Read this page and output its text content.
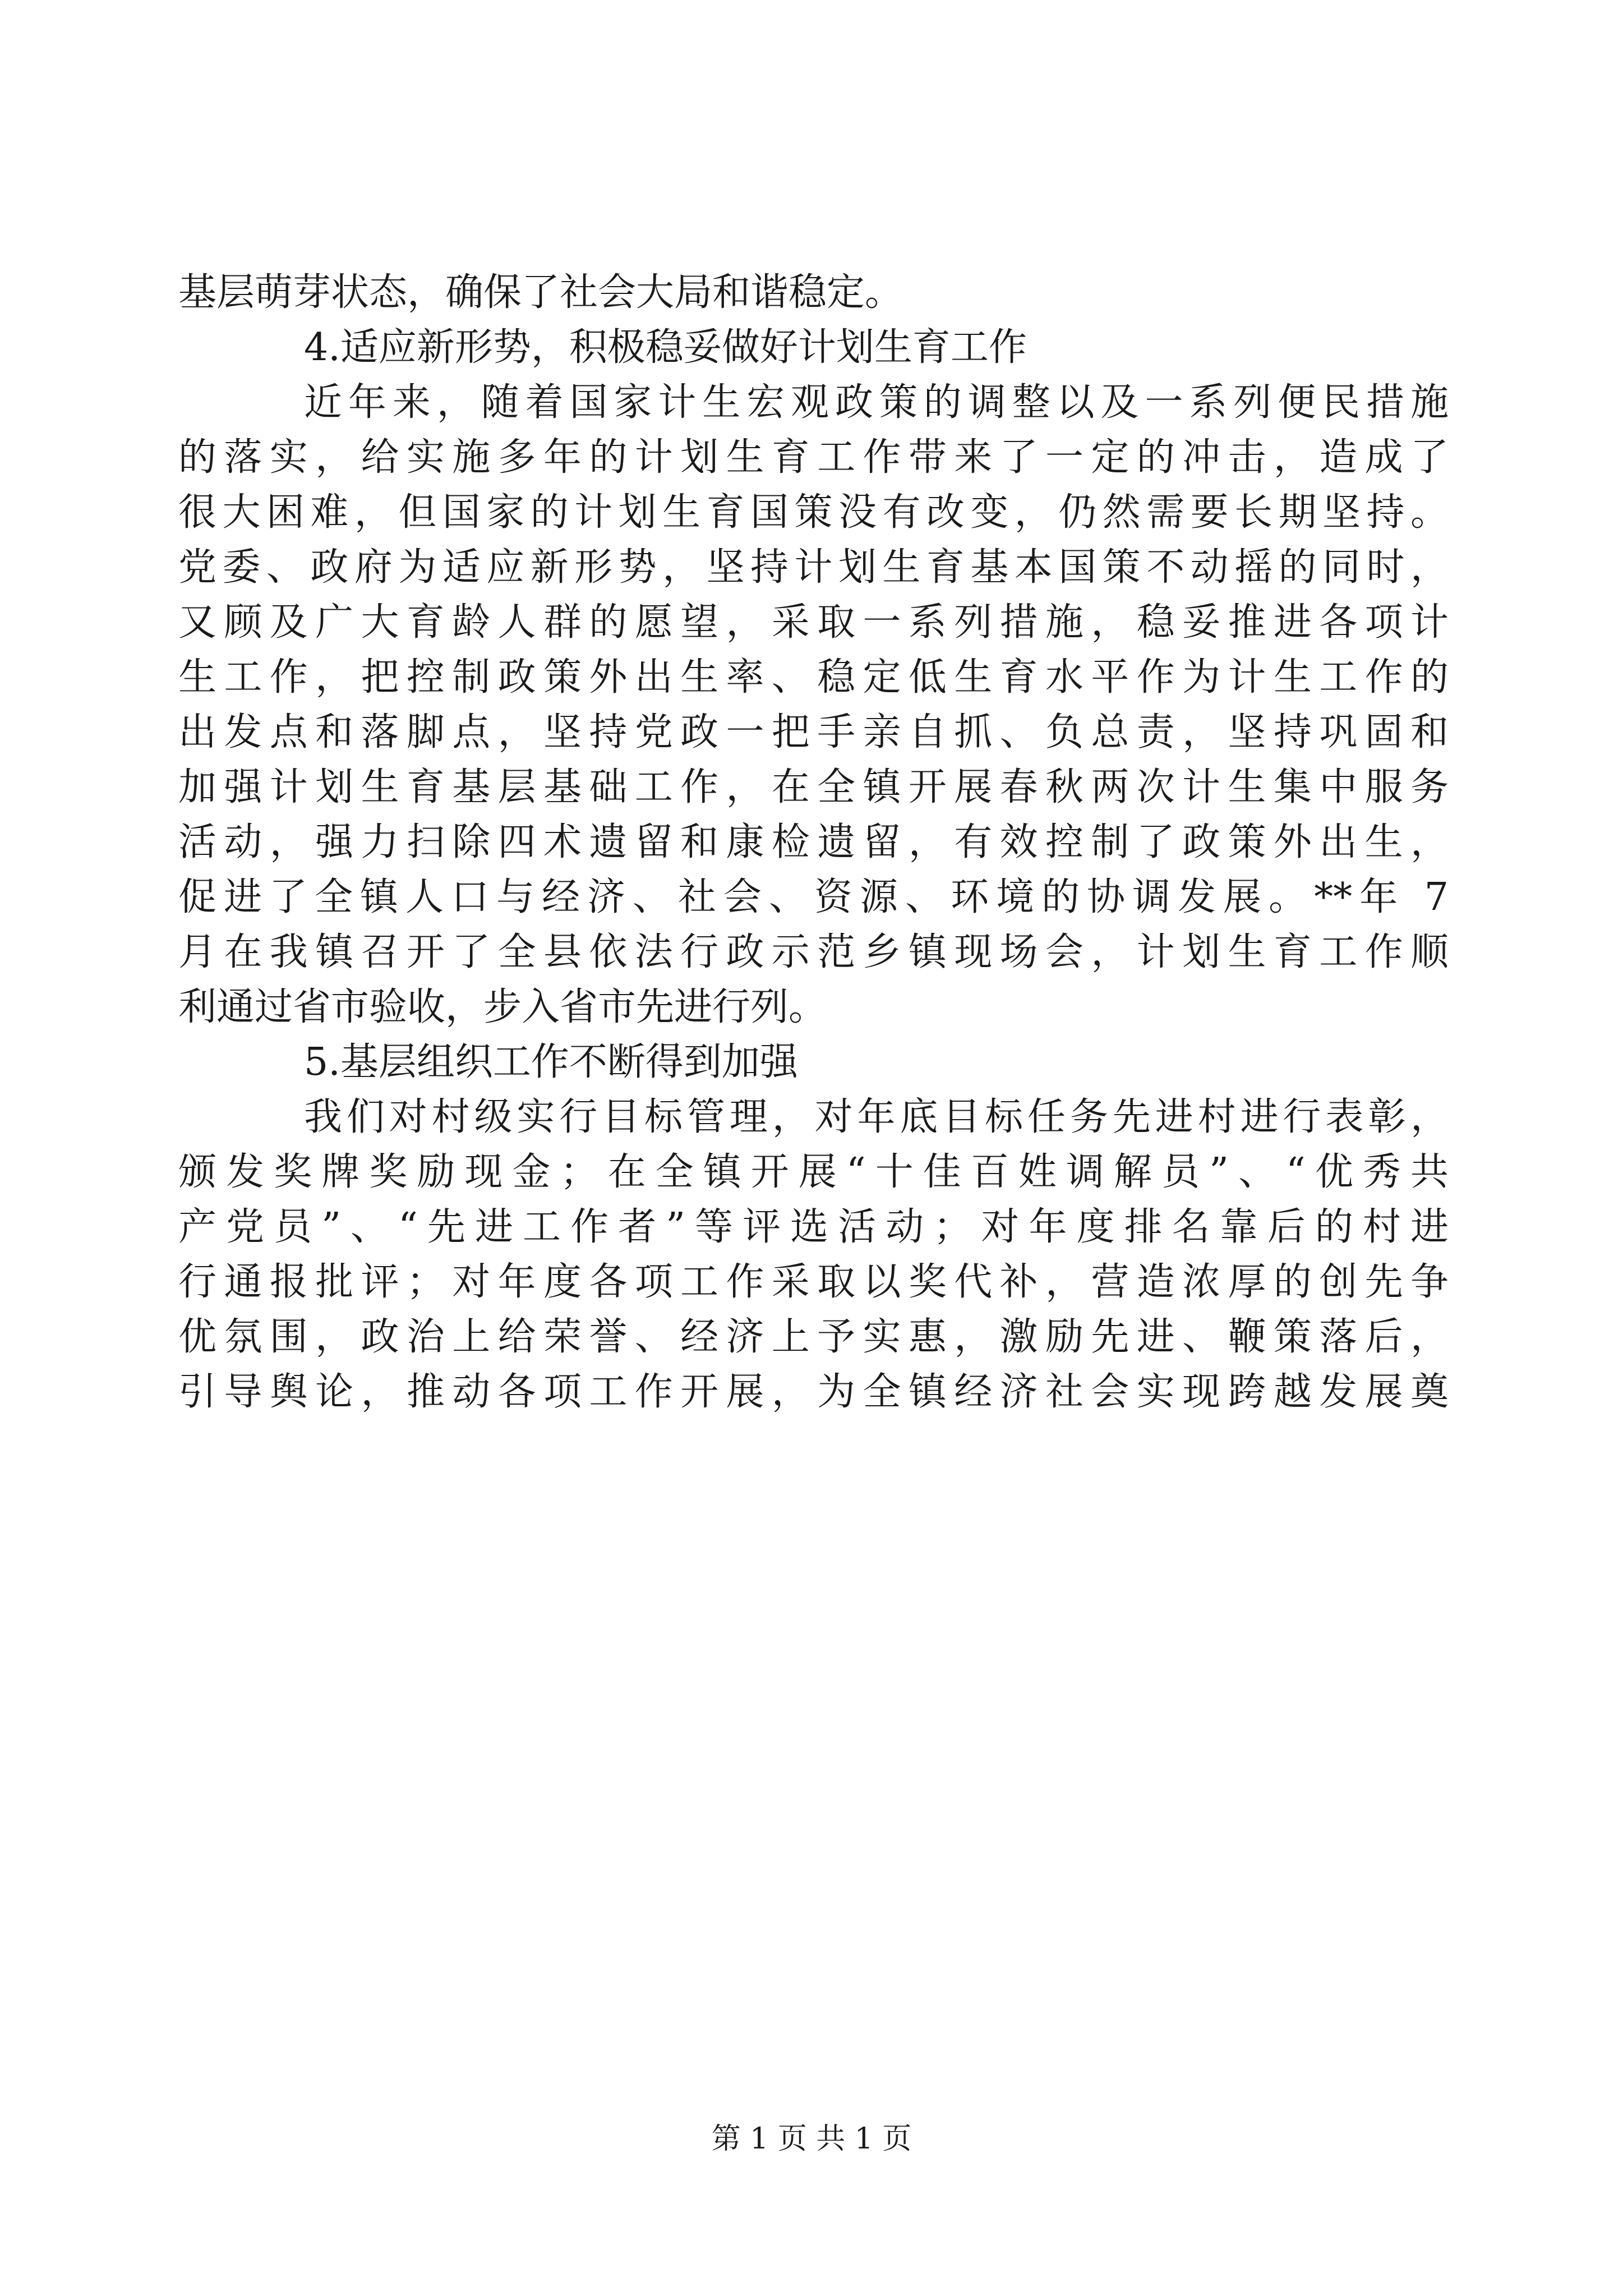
基层萌芽状态，确保了社会大局和谐稳定。
4.适应新形势，积极稳妥做好计划生育工作
近年来，随着国家计生宏观政策的调整以及一系列便民措施
的落实，给实施多年的计划生育工作带来了一定的冲击，造成了
很大困难，但国家的计划生育国策没有改变，仍然需要长期坚持。
党委、政府为适应新形势，坚持计划生育基本国策不动摇的同时，
又顾及广大育龄人群的愿望，采取一系列措施，稳妥推进各项计
生工作，把控制政策外出生率、稳定低生育水平作为计生工作的
出发点和落脚点，坚持党政一把手亲自抓、负总责，坚持巩固和
加强计划生育基层基础工作，在全镇开展春秋两次计生集中服务
活动，强力扫除四术遗留和康检遗留，有效控制了政策外出生，
促进了全镇人口与经济、社会、资源、环境的协调发展。**年 7
月在我镇召开了全县依法行政示范乡镇现场会，计划生育工作顺
利通过省市验收，步入省市先进行列。
5.基层组织工作不断得到加强
我们对村级实行目标管理，对年底目标任务先进村进行表彰，
颁发奖牌奖励现金；在全镇开展“十佳百姓调解员”、“优秀共
产党员”、“先进工作者”等评选活动；对年度排名靠后的村进
行通报批评；对年度各项工作采取以奖代补，营造浓厚的创先争
优氛围，政治上给荣誉、经济上予实惠，激励先进、鞭策落后，
引导舆论，推动各项工作开展，为全镇经济社会实现跨越发展奠
第 1 页 共 1 页
